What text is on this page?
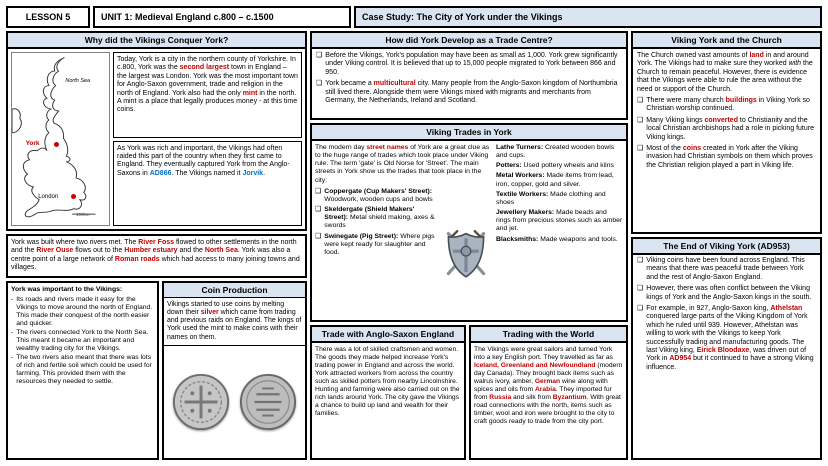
LESSON 5	UNIT 1: Medieval England c.800 – c.1500	Case Study: The City of York under the Vikings
Why did the Vikings Conquer York?
North Sea
York
London
100km
Today, York is a city in the northern county of Yorkshire. In c.800, York was the second largest town in England – the largest was London. York was the most important town for Anglo-Saxon government, trade and religion in the north of England. York also had the only mint in the north. A mint is a place that legally produces money - at this time coins.
As York was rich and important, the Vikings had often raided this part of the country when they first came to England. They eventually captured York from the Anglo-Saxons in AD866. The Vikings named it Jorvik.
York was built where two rivers met. The River Foss flowed to other settlements in the north and the River Ouse flows out to the Humber estuary and the North Sea. York was also a centre point of a large network of Roman roads which had access to many joining towns and villages.
York was important to the Vikings:
- Its roads and rivers made it easy for the Vikings to move around the north of England. This made their conquest of the north easier and quicker.
- The rivers connected York to the North Sea. This meant it became an important and wealthy trading city for the Vikings.
- The two rivers also meant that there was lots of rich and fertile soil which could be used for farming. This provided them with the resources they needed to settle.
Coin Production
Vikings started to use coins by melting down their silver which came from trading and previous raids on England. The kings of York used the mint to make coins with their names on them.
How did York Develop as a Trade Centre?
❑ Before the Vikings, York's population may have been as small as 1,000. York grew significantly under Viking control. It is believed that up to 15,000 people migrated to York between 866 and 950.
❑ York became a multicultural city. Many people from the Anglo-Saxon kingdom of Northumbria still lived there. Alongside them were Vikings mixed with migrants and merchants from Germany, the Netherlands, Ireland and Scotland.
Viking Trades in York
The modern day street names of York are a great clue as to the huge range of trades which took place under Viking rule. The term 'gate' is Old Norse for 'Street'. The main streets in York show us the trades that took place in the city:
❑ Coppergate (Cup Makers' Street): Woodwork, wooden cups and bowls
❑ Skeldergate (Shield Makers' Street): Metal shield making, axes & swords
❑ Swinegate (Pig Street): Where pigs were kept ready for slaughter and food.
Lathe Turners: Created wooden bowls and cups.
Potters: Used pottery wheels and kilns
Metal Workers: Made items from lead, iron, copper, gold and silver.
Textile Workers: Made clothing and shoes
Jewellery Makers: Made beads and rings from precious stones such as amber and jet.
Blacksmiths: Made weapons and tools.
Trade with Anglo-Saxon England
There was a lot of skilled craftsmen and women. The goods they made helped increase York's trading power in England and across the world. York attracted workers from across the country such as skilled potters from nearby Lincolnshire. Hunting and farming were also carried out on the rich lands around York. The city gave the Vikings a chance to build up land and wealth for their families.
Trading with the World
The Vikings were great sailors and turned York into a key English port. They travelled as far as Iceland, Greenland and Newfoundland (modern day Canada). They brought back items such as walrus ivory, amber, German wine along with spices and oils from Arabia. They imported fur from Russia and silk from Byzantium. With great road connections with the north, items such as timber, wool and iron were brought to the city to craft goods ready to trade from the city port.
Viking York and the Church
The Church owned vast amounts of land in and around York. The Vikings had to make sure they worked with the Church to remain peaceful. However, there is evidence that the Vikings were able to rule the area without the need or support of the Church.
❑ There were many church buildings in Viking York so Christian worship continued.
❑ Many Viking kings converted to Christianity and the local Christian archbishops had a role in picking future Viking kings.
❑ Most of the coins created in York after the Viking invasion had Christian symbols on them which proves the Christian religion played a part in Viking life.
The End of Viking York (AD953)
❑ Viking coins have been found across England. This means that there was peaceful trade between York and the rest of Anglo-Saxon England.
❑ However, there was often conflict between the Viking kings of York and the Anglo-Saxon kings in the south.
❑ For example, in 927, Anglo-Saxon king, Athelstan conquered large parts of the Viking Kingdom of York which he ruled until 939. However, Athelstan was willing to work with the Vikings to keep York successfully trading and manufacturing goods. The last Viking king, Eirick Bloodaxe, was driven out of York in AD954 but it continued to have a strong Viking influence.
